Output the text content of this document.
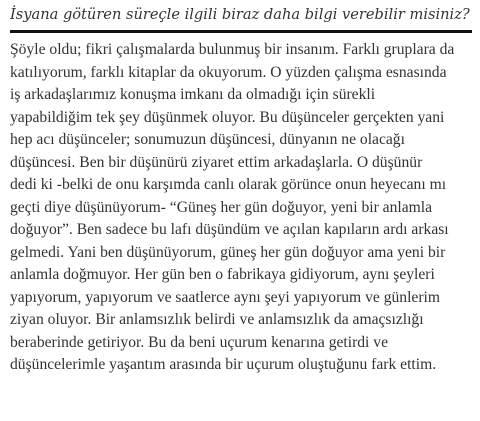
İsyana götüren süreçle ilgili biraz daha bilgi verebilir misiniz?

Şöyle oldu; fikri çalışmalarda bulunmuş bir insanım. Farklı gruplara da
katılıyorum, farklı kitaplar da okuyorum. O yüzden çalışma esnasında
iş arkadaşlarımız konuşma imkanı da olmadığı için sürekli
yapabildiğim tek şey düşünmek oluyor. Bu düşünceler gerçekten yani
hep acı düşünceler; sonumuzun düşüncesi, dünyanın ne olacağı
düşüncesi. Ben bir düşünürü ziyaret ettim arkadaşlarla. O düşünür
dedi ki -belki de onu karşımda canlı olarak görünce onun heyecanı mı
geçti diye düşünüyorum- “Güneş her gün doğuyor, yeni bir anlamla
doğuyor”. Ben sadece bu lafı düşündüm ve açılan kapıların ardı arkası
gelmedi. Yani ben düşünüyorum, güneş her gün doğuyor ama yeni bir
anlamla doğmuyor. Her gün ben o fabrikaya gidiyorum, aynı şeyleri
yapıyorum, yapıyorum ve saatlerce aynı şeyi yapıyorum ve günlerim
ziyan oluyor. Bir anlamsızlık belirdi ve anlamsızlık da amaçsızlığı
beraberinde getiriyor. Bu da beni uçurum kenarına getirdi ve
düşüncelerimle yaşantım arasında bir uçurum oluştuğunu fark ettim.
